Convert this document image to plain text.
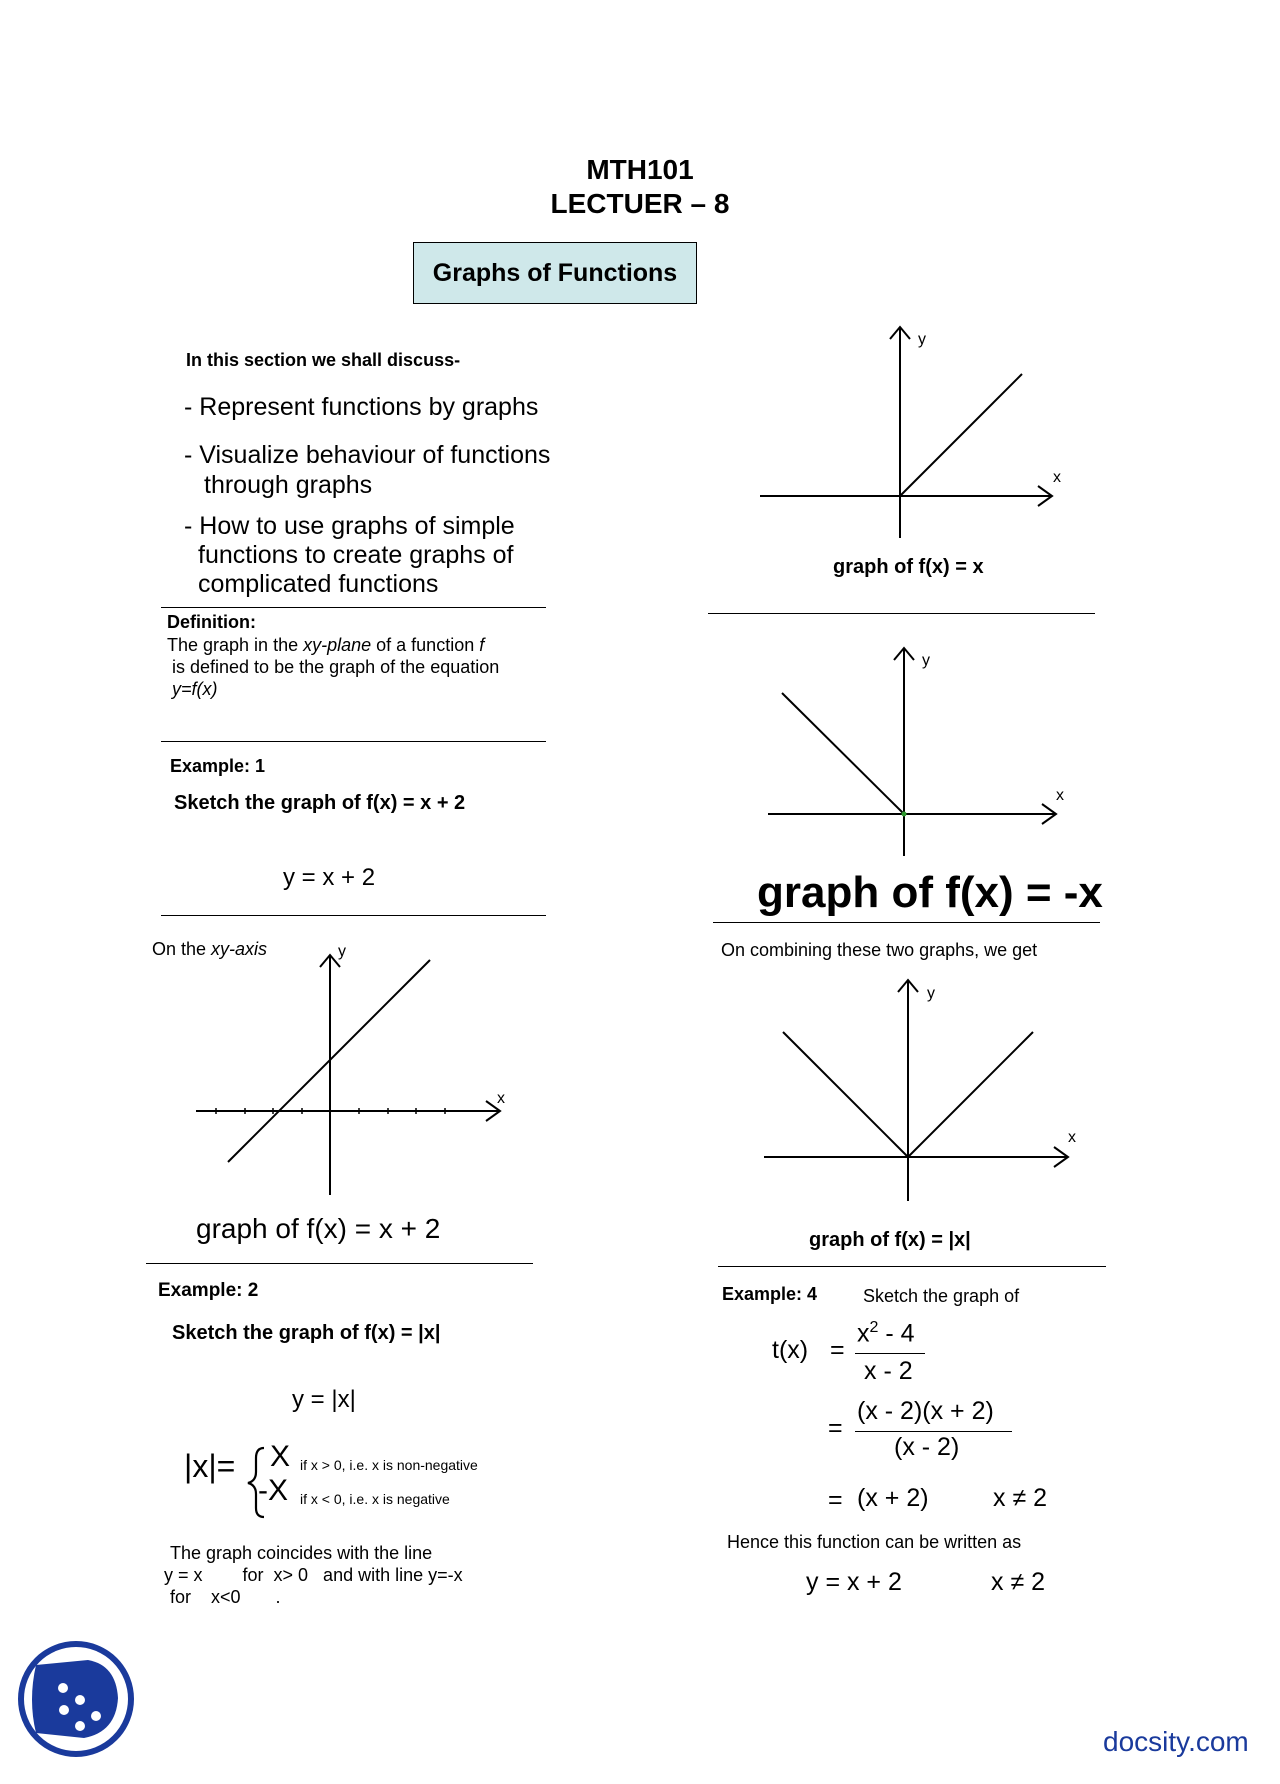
MTH101
LECTUER – 8
Graphs of Functions
In this section we shall discuss-
- Represent functions by graphs
- Visualize behaviour of functions
through graphs
- How to use graphs of simple
functions to create graphs of
complicated functions
Definition:
The graph in the xy-plane of a function f
is defined to be the graph of the equation
y=f(x)
Example: 1
Sketch the graph of f(x) = x + 2
y = x + 2
On the xy-axis	y
x
graph of f(x) = x + 2
Example: 2
Sketch the graph of f(x) = |x|
y = |x|
|x|= X if x > 0, i.e. x is non-negative
-X if x < 0, i.e. x is negative
The graph coincides with the line
y = x        for  x> 0   and with line y=-x
for    x<0       .
y
x
graph of f(x) = x
y
x
graph of f(x) = -x
On combining these two graphs, we get
y
x
graph of f(x) = |x|
Example: 4	Sketch the graph of
t(x) =
$x^2 - 4$
x - 2
=
(x - 2)(x + 2)
(x - 2)
= (x + 2)	x ≠ 2
Hence this function can be written as
y = x + 2	x ≠ 2
docsity.com
